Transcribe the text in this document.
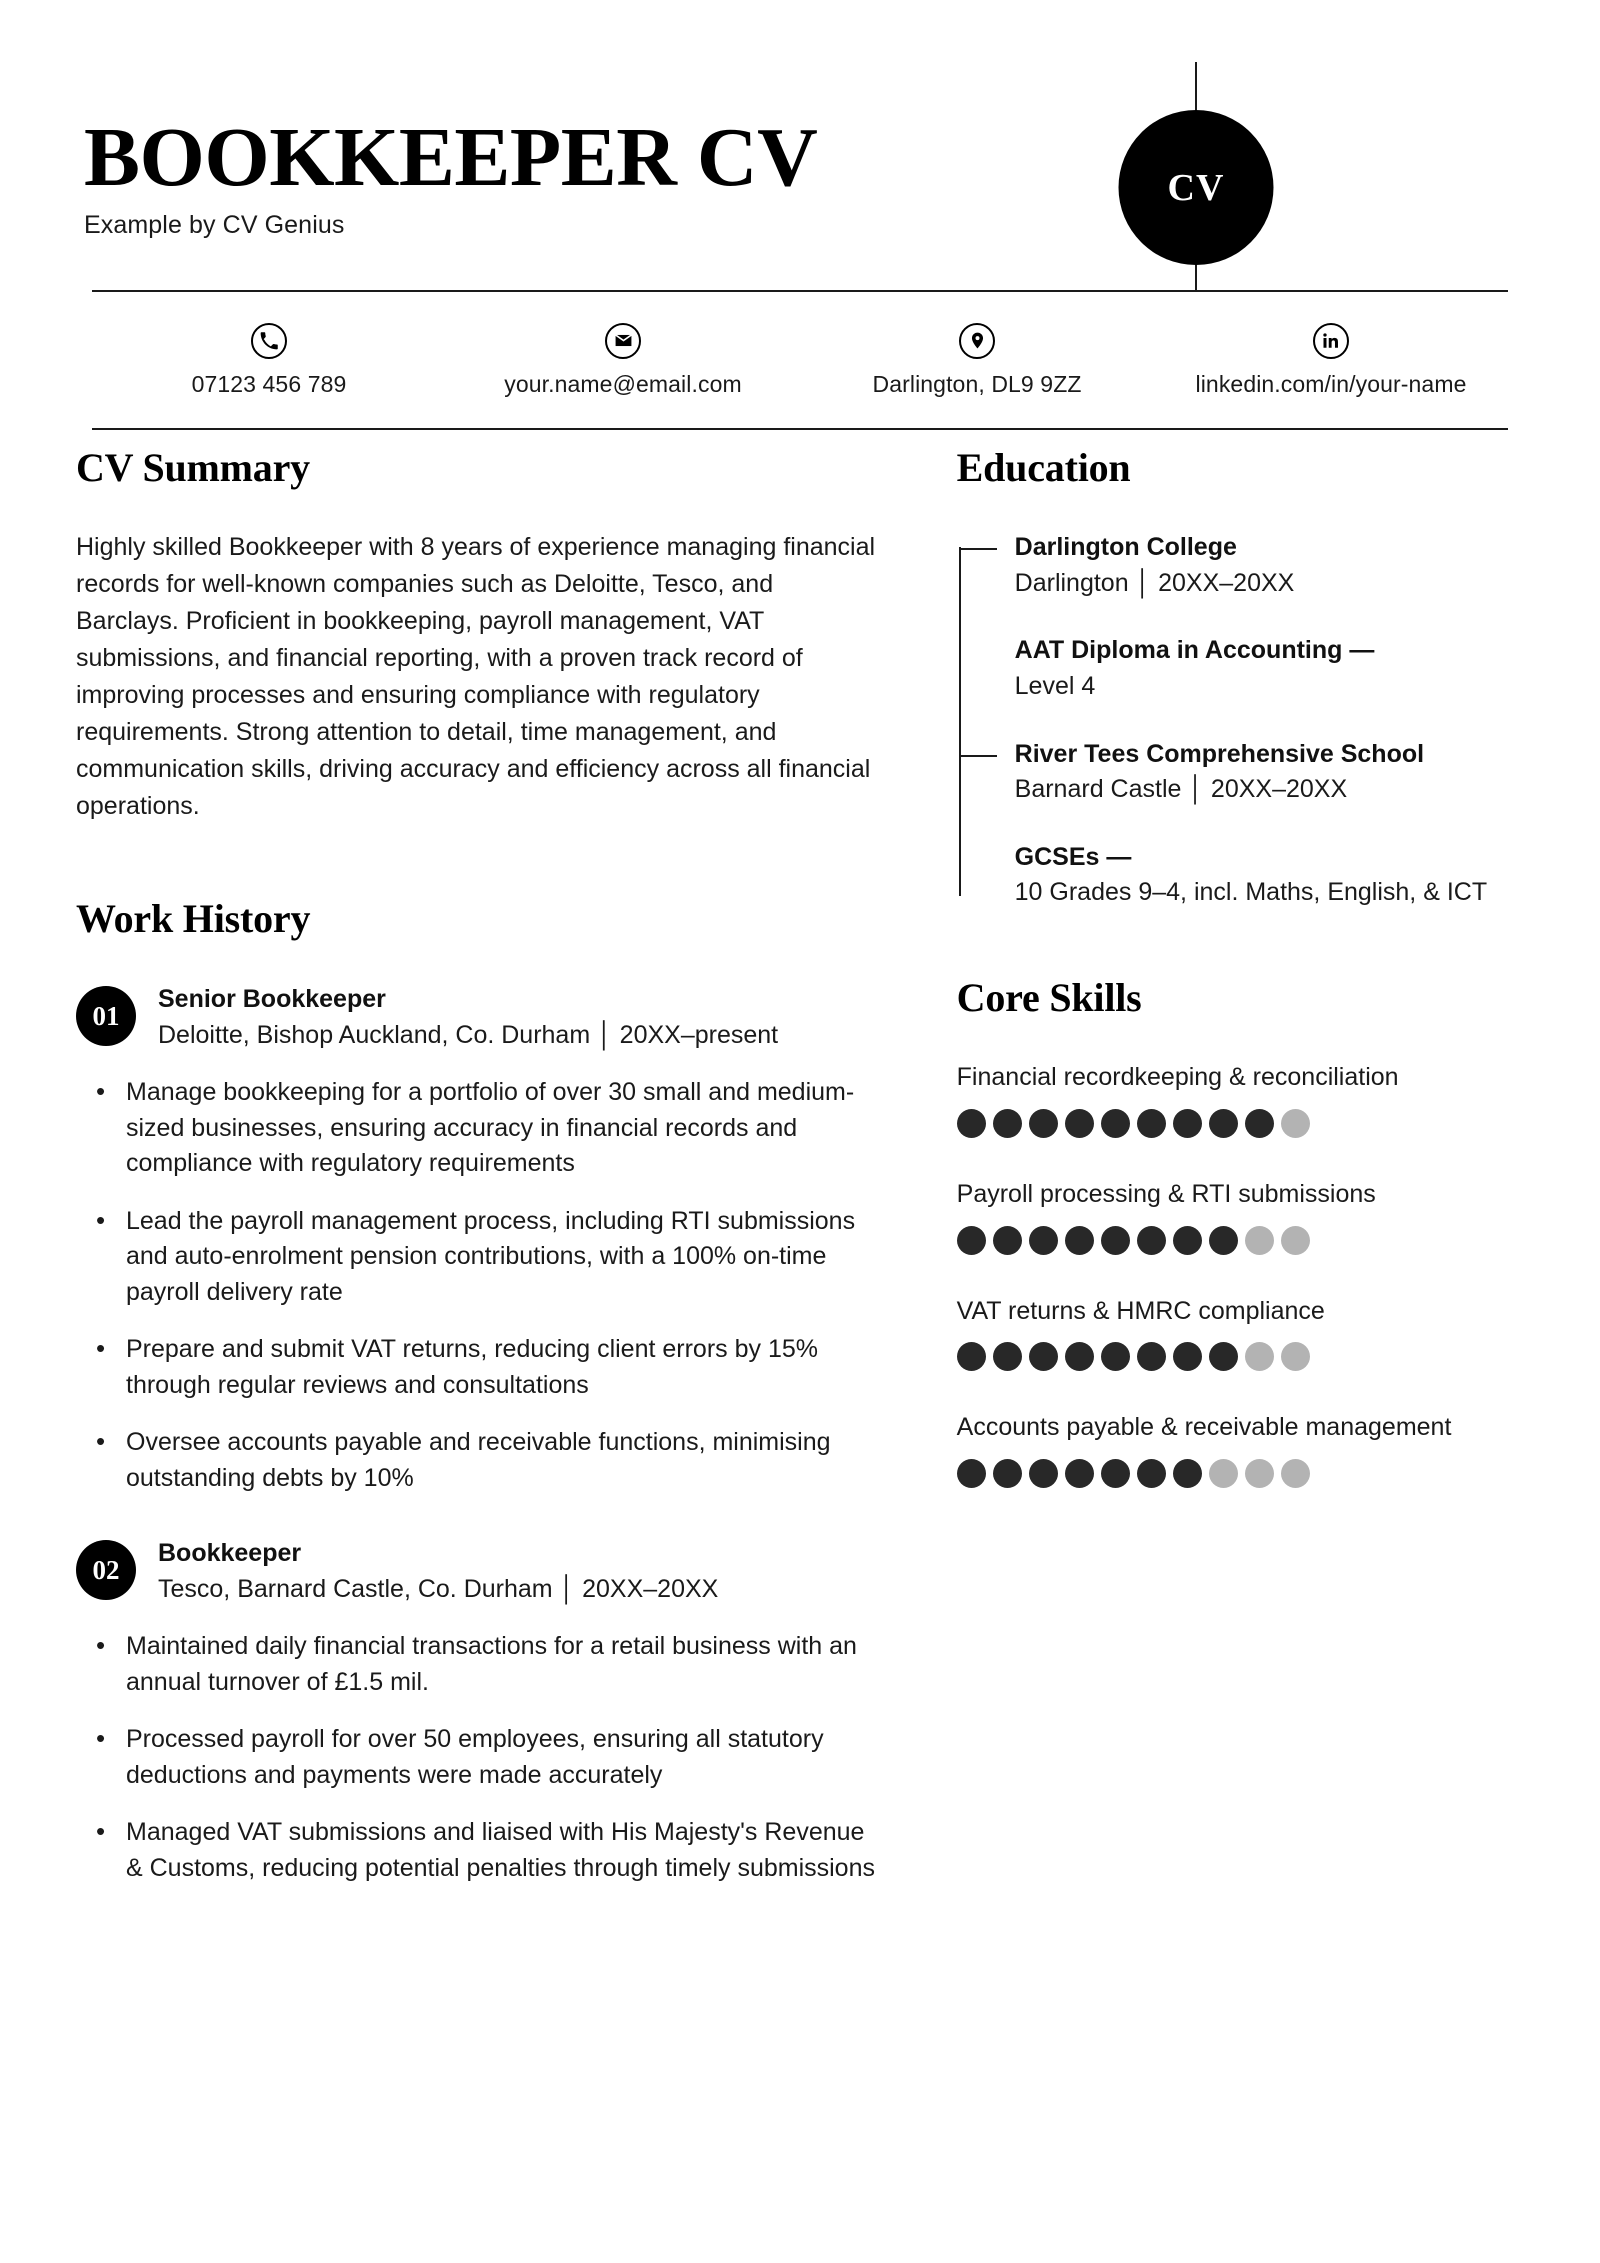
BOOKKEEPER CV
Example by CV Genius
CV
07123 456 789	your.name@email.com	Darlington, DL9 9ZZ	linkedin.com/in/your-name
CV Summary
Highly skilled Bookkeeper with 8 years of experience managing financial records for well-known companies such as Deloitte, Tesco, and Barclays. Proficient in bookkeeping, payroll management, VAT submissions, and financial reporting, with a proven track record of improving processes and ensuring compliance with regulatory requirements. Strong attention to detail, time management, and communication skills, driving accuracy and efficiency across all financial operations.
Work History
01
Senior Bookkeeper
Deloitte, Bishop Auckland, Co. Durham │ 20XX–present
• Manage bookkeeping for a portfolio of over 30 small and medium-sized businesses, ensuring accuracy in financial records and compliance with regulatory requirements
• Lead the payroll management process, including RTI submissions and auto-enrolment pension contributions, with a 100% on-time payroll delivery rate
• Prepare and submit VAT returns, reducing client errors by 15% through regular reviews and consultations
• Oversee accounts payable and receivable functions, minimising outstanding debts by 10%
02
Bookkeeper
Tesco, Barnard Castle, Co. Durham │ 20XX–20XX
• Maintained daily financial transactions for a retail business with an annual turnover of £1.5 mil.
• Processed payroll for over 50 employees, ensuring all statutory deductions and payments were made accurately
• Managed VAT submissions and liaised with His Majesty's Revenue & Customs, reducing potential penalties through timely submissions
Education
Darlington College
Darlington │ 20XX–20XX
AAT Diploma in Accounting —
Level 4
River Tees Comprehensive School
Barnard Castle │ 20XX–20XX
GCSEs —
10 Grades 9–4, incl. Maths, English, & ICT
Core Skills
Financial recordkeeping & reconciliation
Payroll processing & RTI submissions
VAT returns & HMRC compliance
Accounts payable & receivable management
